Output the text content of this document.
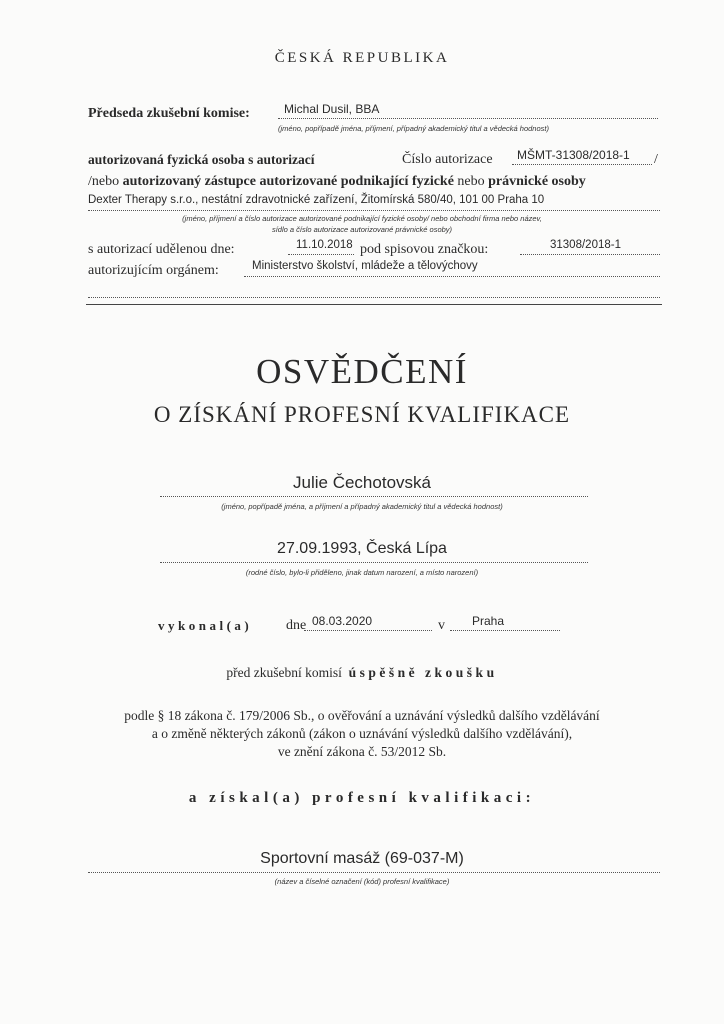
ČESKÁ REPUBLIKA
Předseda zkušební komise:	Michal Dusil, BBA
(jméno, popřípadě jména, příjmení, případný akademický titul a vědecká hodnost)
autorizovaná fyzická osoba s autorizací	Číslo autorizace MŠMT-31308/2018-1 /
/nebo autorizovaný zástupce autorizované podnikající fyzické nebo právnické osoby
Dexter Therapy s.r.o., nestátní zdravotnické zařízení, Žitomírská 580/40, 101 00 Praha 10
(jméno, příjmení a číslo autorizace autorizované podnikající fyzické osoby/ nebo obchodní firma nebo název,
sídlo a číslo autorizace autorizované právnické osoby)
s autorizací udělenou dne:	11.10.2018 pod spisovou značkou:	31308/2018-1
autorizujícím orgánem:	Ministerstvo školství, mládeže a tělovýchovy
OSVĚDČENÍ
O ZÍSKÁNÍ PROFESNÍ KVALIFIKACE
Julie Čechotovská
(jméno, popřípadě jména, a příjmení a případný akademický titul a vědecká hodnost)
27.09.1993, Česká Lípa
(rodné číslo, bylo-li přiděleno, jinak datum narození, a místo narození)
vykonal(a) dne 08.03.2020	v Praha
před zkušební komisí úspěšně zkoušku
podle § 18 zákona č. 179/2006 Sb., o ověřování a uznávání výsledků dalšího vzdělávání
a o změně některých zákonů (zákon o uznávání výsledků dalšího vzdělávání),
ve znění zákona č. 53/2012 Sb.
a získal(a) profesní kvalifikaci:
Sportovní masáž (69-037-M)
(název a číselné označení (kód) profesní kvalifikace)
